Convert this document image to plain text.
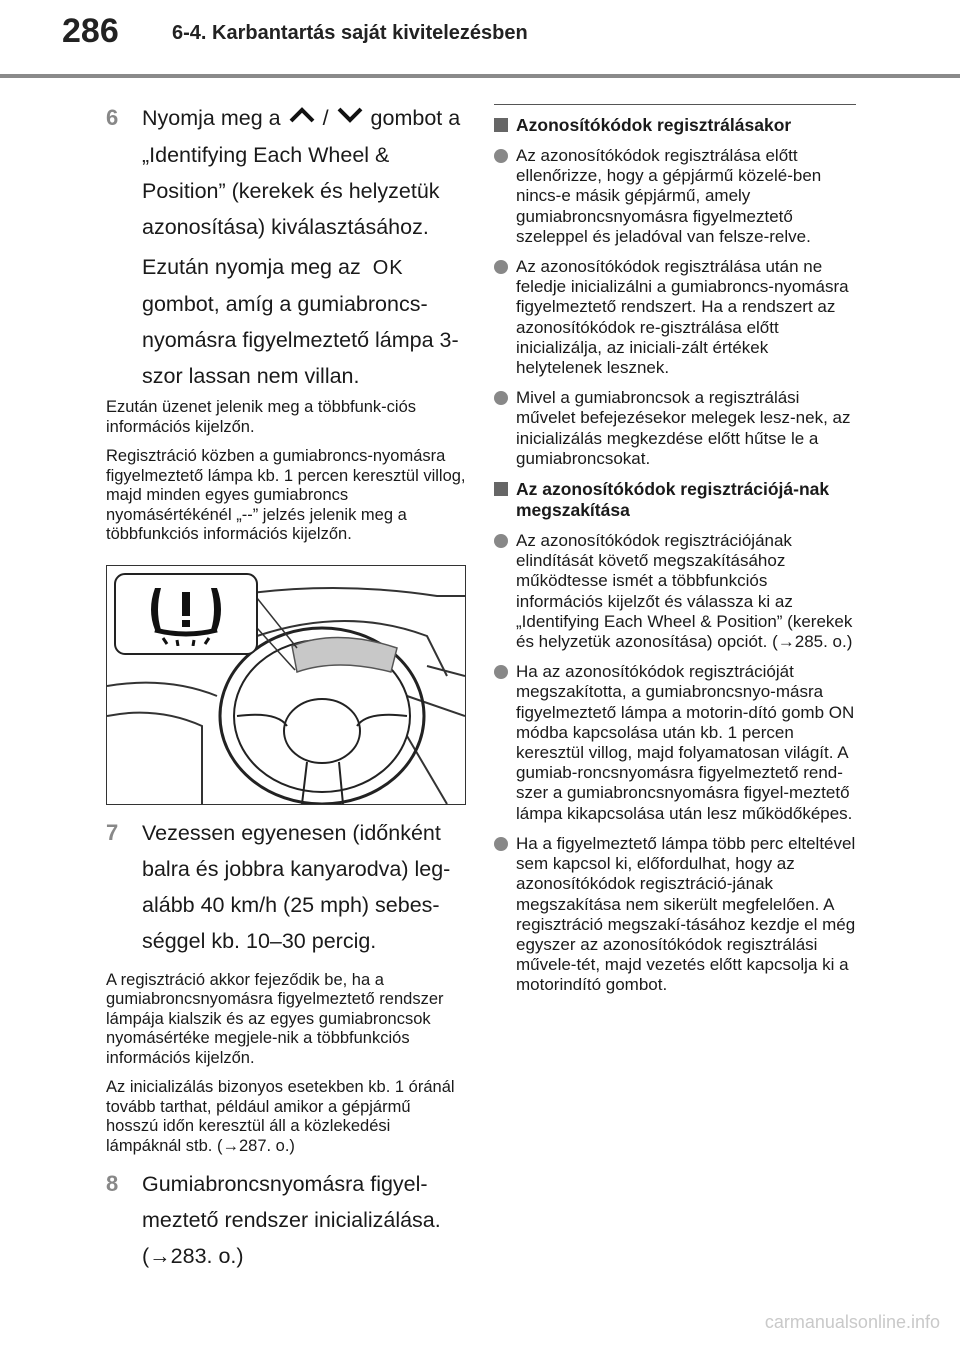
286	6-4. Karbantartás saját kivitelezésben
6 Nyomja meg a / gombot a „Identifying Each Wheel & Position” (kerekek és helyzetük azonosítása) kiválasztásához.

Ezután nyomja meg az OK gombot, amíg a gumiabroncs-nyomásra figyelmeztető lámpa 3-szor lassan nem villan.

Ezután üzenet jelenik meg a többfunk-ciós információs kijelzőn.

Regisztráció közben a gumiabroncs-nyomásra figyelmeztető lámpa kb. 1 percen keresztül villog, majd minden egyes gumiabroncs nyomásértékénél „--” jelzés jelenik meg a többfunkciós információs kijelzőn.

7 Vezessen egyenesen (időnként balra és jobbra kanyarodva) leg-alább 40 km/h (25 mph) sebes-séggel kb. 10–30 percig.

A regisztráció akkor fejeződik be, ha a gumiabroncsnyomásra figyelmeztető rendszer lámpája kialszik és az egyes gumiabroncsok nyomásértéke megjele-nik a többfunkciós információs kijelzőn.

Az inicializálás bizonyos esetekben kb. 1 óránál tovább tarthat, például amikor a gépjármű hosszú időn keresztül áll a közlekedési lámpáknál stb. (→287. o.)

8 Gumiabroncsnyomásra figyel-meztető rendszer inicializálása. (→283. o.)

Azonosítókódok regisztrálásakor
Az azonosítókódok regisztrálása előtt ellenőrizze, hogy a gépjármű közelé-ben nincs-e másik gépjármű, amely gumiabroncsnyomásra figyelmeztető szeleppel és jeladóval van felsze-relve.
Az azonosítókódok regisztrálása után ne feledje inicializálni a gumiabroncs-nyomásra figyelmeztető rendszert. Ha a rendszert az azonosítókódok re-gisztrálása előtt inicializálja, az iniciali-zált értékek helytelenek lesznek.
Mivel a gumiabroncsok a regisztrálási művelet befejezésekor melegek lesz-nek, az inicializálás megkezdése előtt hűtse le a gumiabroncsokat.
Az azonosítókódok regisztrációjá-nak megszakítása
Az azonosítókódok regisztrációjának elindítását követő megszakításához működtesse ismét a többfunkciós információs kijelzőt és válassza ki az „Identifying Each Wheel & Position” (kerekek és helyzetük azonosítása) opciót. (→285. o.)
Ha az azonosítókódok regisztrációját megszakította, a gumiabroncsnyo-másra figyelmeztető lámpa a motorin-dító gomb ON módba kapcsolása után kb. 1 percen keresztül villog, majd folyamatosan világít. A gumiab-roncsnyomásra figyelmeztető rend-szer a gumiabroncsnyomásra figyel-meztető lámpa kikapcsolása után lesz működőképes.
Ha a figyelmeztető lámpa több perc elteltével sem kapcsol ki, előfordulhat, hogy az azonosítókódok regisztráció-jának megszakítása nem sikerült megfelelően. A regisztráció megszakí-tásához kezdje el még egyszer az azonosítókódok regisztrálási művele-tét, majd vezetés előtt kapcsolja ki a motorindító gombot.
carmanualsonline.info
